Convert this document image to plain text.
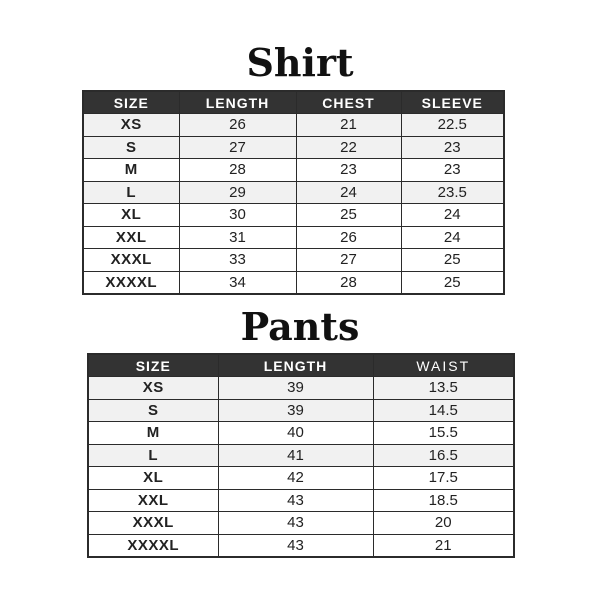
Shirt
SIZE	LENGTH	CHEST	SLEEVE
XS	26	21	22.5
S	27	22	23
M	28	23	23
L	29	24	23.5
XL	30	25	24
XXL	31	26	24
XXXL	33	27	25
XXXXL	34	28	25
Pants
SIZE	LENGTH	WAIST
XS	39	13.5
S	39	14.5
M	40	15.5
L	41	16.5
XL	42	17.5
XXL	43	18.5
XXXL	43	20
XXXXL	43	21
